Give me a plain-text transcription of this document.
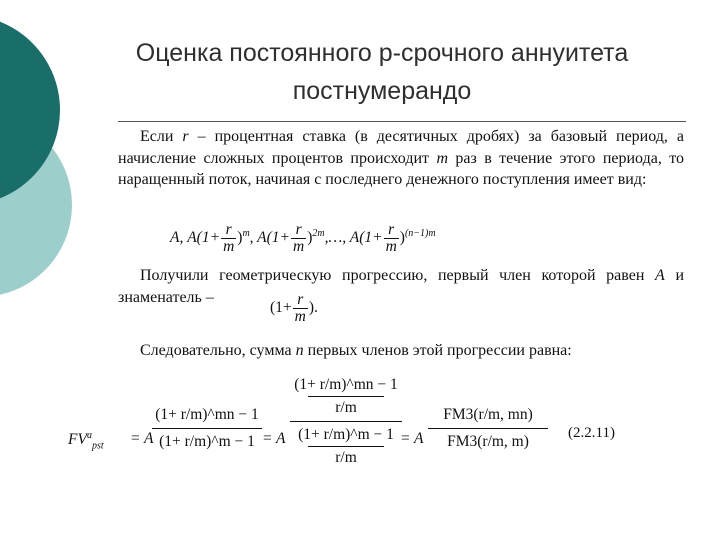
Оценка постоянного p-срочного аннуитета
постнумерандо
Если r – процентная ставка (в десятичных дробях) за базовый период, а начисление сложных процентов происходит m раз в течение этого периода, то наращенный поток, начиная с последнего денежного поступления имеет вид:
A, $A(1+ \frac{r}{m} )^m$, $A(1+ \frac{r}{m}$ )$^{2m},\dots$, $A(1+ \frac{r}{m} )^{(n-1)m}$
Получили геометрическую прогрессию, первый член которой равен A и знаменатель –
($1+ \frac{r}{m}$ ).
Следовательно, сумма n первых членов этой прогрессии равна:
$FV^a_{pst} = A$
(1+ r/m)^mn − 1
(1+ r/m)^m − 1 = A
(1+ r/m)^mn − 1
r/m
(1+ r/m)^m − 1
r/m
= A
FM3(r/m, mn)
FM3(r/m, m)	(2.2.11)
